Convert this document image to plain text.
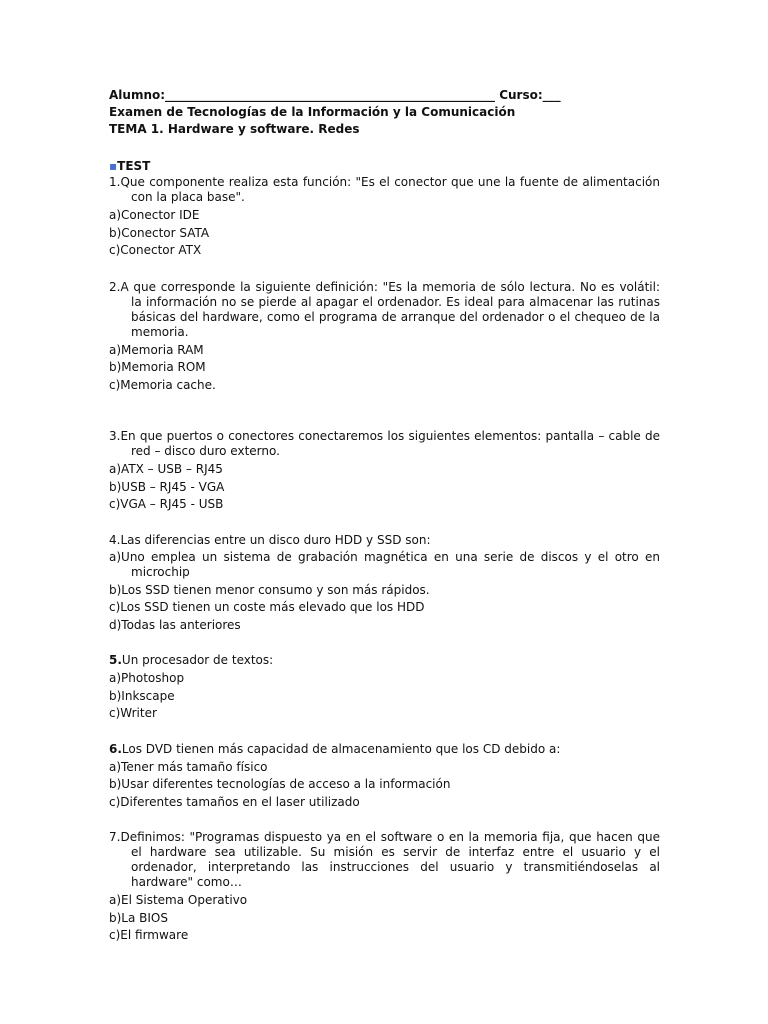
Alumno:_______________________________________________________ Curso:___
Examen de Tecnologías de la Información y la Comunicación
TEMA 1. Hardware y software. Redes
▪TEST
1.Que componente realiza esta función: "Es el conector que une la fuente de alimentación con la placa base".
a)Conector IDE
b)Conector SATA
c)Conector ATX
2.A que corresponde la siguiente definición: "Es la memoria de sólo lectura. No es volátil: la información no se pierde al apagar el ordenador. Es ideal para almacenar las rutinas básicas del hardware, como el programa de arranque del ordenador o el chequeo de la memoria.
a)Memoria RAM
b)Memoria ROM
c)Memoria cache.
3.En que puertos o conectores conectaremos los siguientes elementos: pantalla – cable de red – disco duro externo.
a)ATX – USB – RJ45
b)USB – RJ45 - VGA
c)VGA – RJ45 - USB
4.Las diferencias entre un disco duro HDD y SSD son:
a)Uno emplea un sistema de grabación magnética en una serie de discos y el otro en microchip
b)Los SSD tienen menor consumo y son más rápidos.
c)Los SSD tienen un coste más elevado que los HDD
d)Todas las anteriores
5.Un procesador de textos:
a)Photoshop
b)Inkscape
c)Writer
6.Los DVD tienen más capacidad de almacenamiento que los CD debido a:
a)Tener más tamaño físico
b)Usar diferentes tecnologías de acceso a la información
c)Diferentes tamaños en el laser utilizado
7.Definimos: "Programas dispuesto ya en el software o en la memoria fija, que hacen que el hardware sea utilizable. Su misión es servir de interfaz entre el usuario y el ordenador, interpretando las instrucciones del usuario y transmitiéndoselas al hardware" como…
a)El Sistema Operativo
b)La BIOS
c)El firmware
